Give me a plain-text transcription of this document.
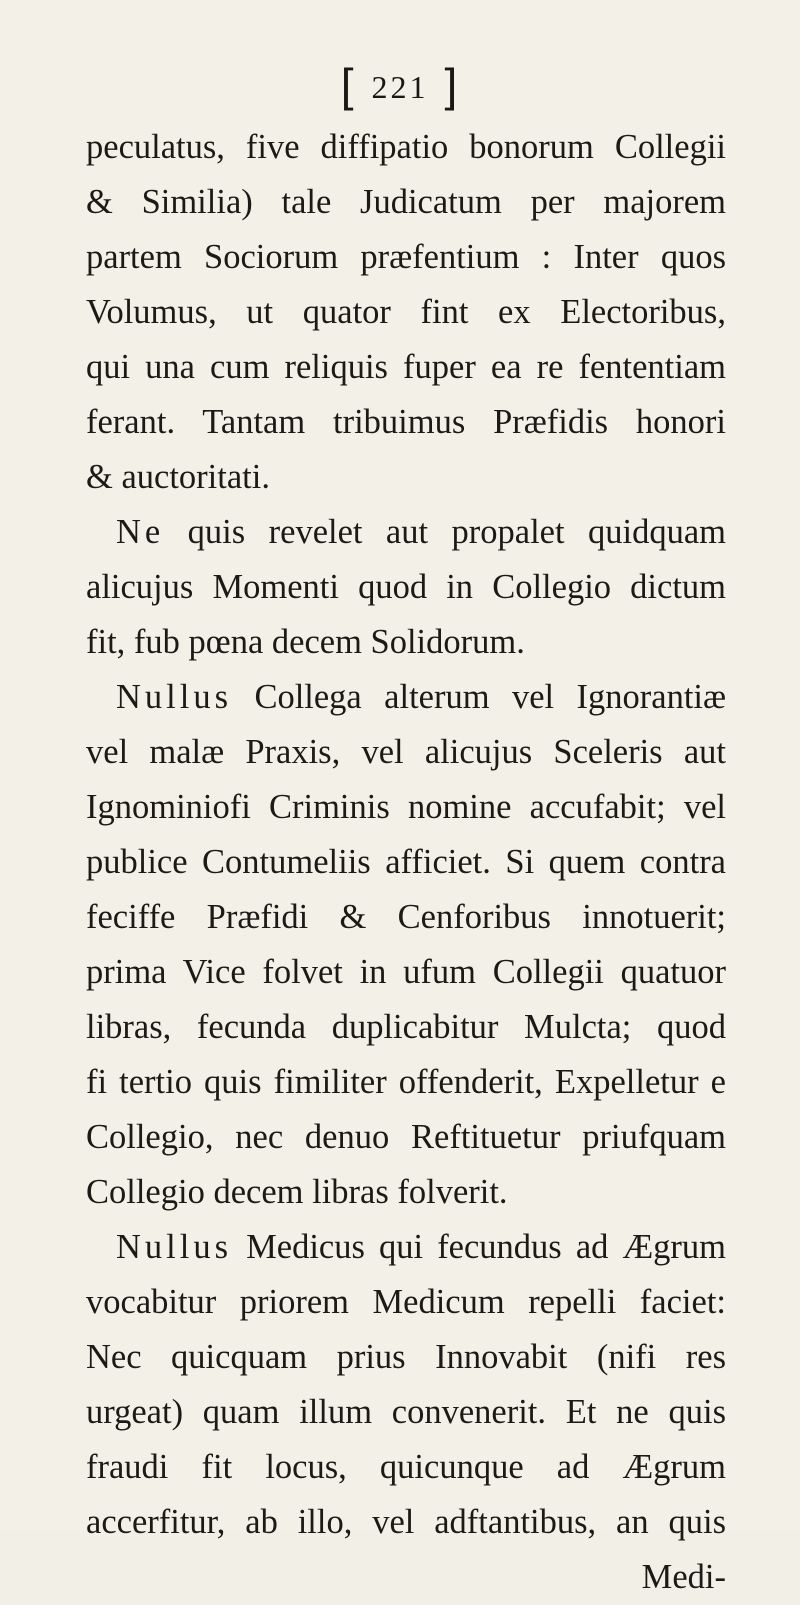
[ 221 ]
peculatus, five diffipatio bonorum Collegii
& Similia) tale Judicatum per majorem
partem Sociorum præfentium : Inter quos
Volumus, ut quator fint ex Electoribus,
qui una cum reliquis fuper ea re fententiam
ferant. Tantam tribuimus Præfidis honori
& auctoritati.
Ne quis revelet aut propalet quidquam
alicujus Momenti quod in Collegio dictum
fit, fub pœna decem Solidorum.
Nullus Collega alterum vel Ignorantiæ
vel malæ Praxis, vel alicujus Sceleris aut
Ignominiofi Criminis nomine accufabit; vel
publice Contumeliis afficiet. Si quem contra
feciffe Præfidi & Cenforibus innotuerit;
prima Vice folvet in ufum Collegii quatuor
libras, fecunda duplicabitur Mulcta; quod
fi tertio quis fimiliter offenderit, Expelletur e
Collegio, nec denuo Reftituetur priufquam
Collegio decem libras folverit.
Nullus Medicus qui fecundus ad Ægrum
vocabitur priorem Medicum repelli faciet:
Nec quicquam prius Innovabit (nifi res
urgeat) quam illum convenerit. Et ne quis
fraudi fit locus, quicunque ad Ægrum
accerfitur, ab illo, vel adftantibus, an quis
Medi-
